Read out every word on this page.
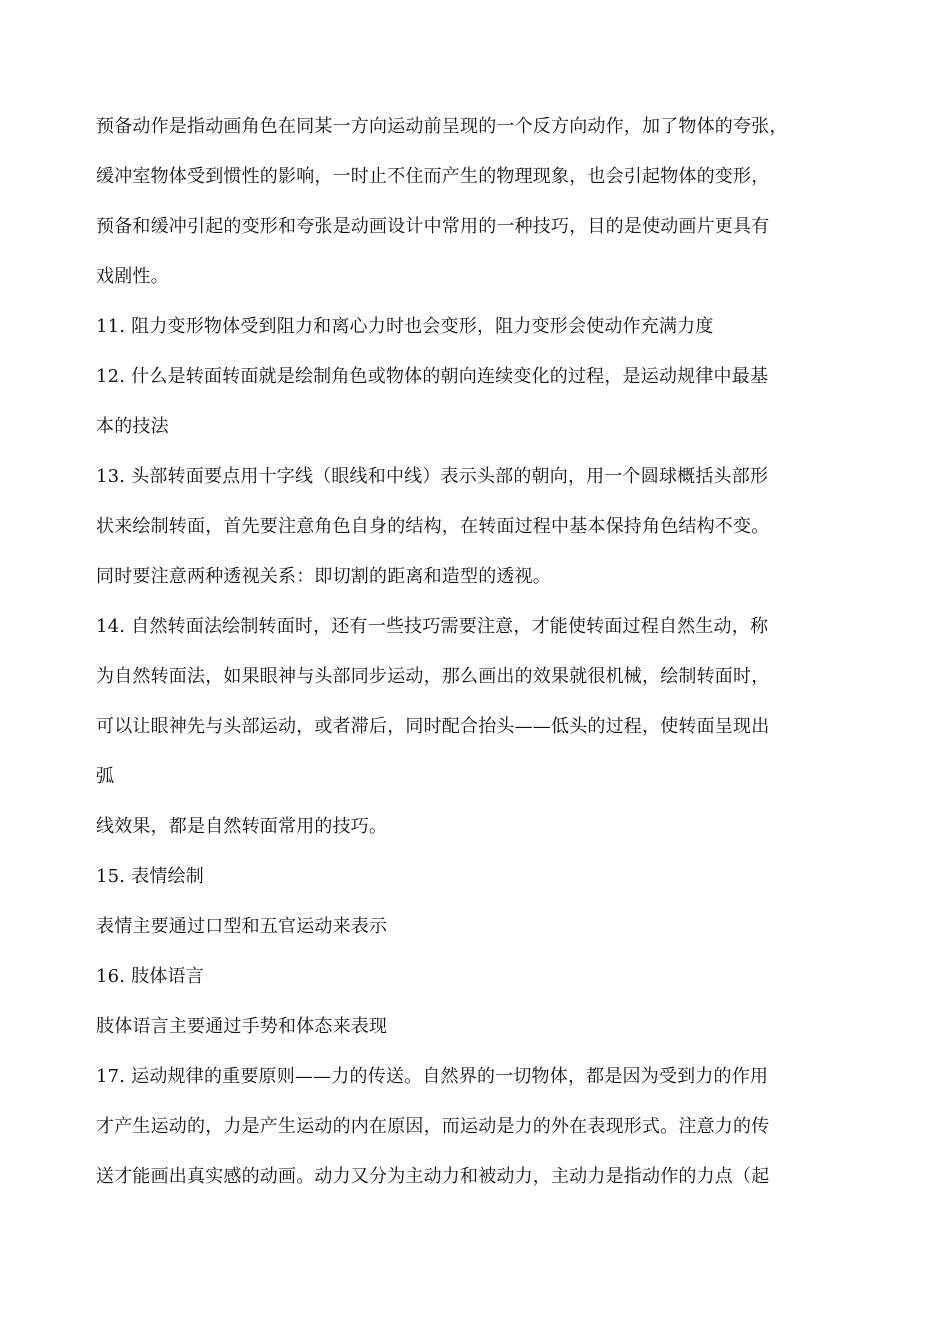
预备动作是指动画角色在同某一方向运动前呈现的一个反方向动作，加了物体的夸张，
缓冲室物体受到惯性的影响，一时止不住而产生的物理现象，也会引起物体的变形，
预备和缓冲引起的变形和夸张是动画设计中常用的一种技巧，目的是使动画片更具有
戏剧性。
11. 阻力变形物体受到阻力和离心力时也会变形，阻力变形会使动作充满力度
12. 什么是转面转面就是绘制角色或物体的朝向连续变化的过程，是运动规律中最基
本的技法
13. 头部转面要点用十字线（眼线和中线）表示头部的朝向，用一个圆球概括头部形
状来绘制转面，首先要注意角色自身的结构，在转面过程中基本保持角色结构不变。
同时要注意两种透视关系：即切割的距离和造型的透视。
14. 自然转面法绘制转面时，还有一些技巧需要注意，才能使转面过程自然生动，称
为自然转面法，如果眼神与头部同步运动，那么画出的效果就很机械，绘制转面时，
可以让眼神先与头部运动，或者滞后，同时配合抬头——低头的过程，使转面呈现出
弧
线效果，都是自然转面常用的技巧。
15. 表情绘制
表情主要通过口型和五官运动来表示
16. 肢体语言
肢体语言主要通过手势和体态来表现
17. 运动规律的重要原则——力的传送。自然界的一切物体，都是因为受到力的作用
才产生运动的，力是产生运动的内在原因，而运动是力的外在表现形式。注意力的传
送才能画出真实感的动画。动力又分为主动力和被动力，主动力是指动作的力点（起
